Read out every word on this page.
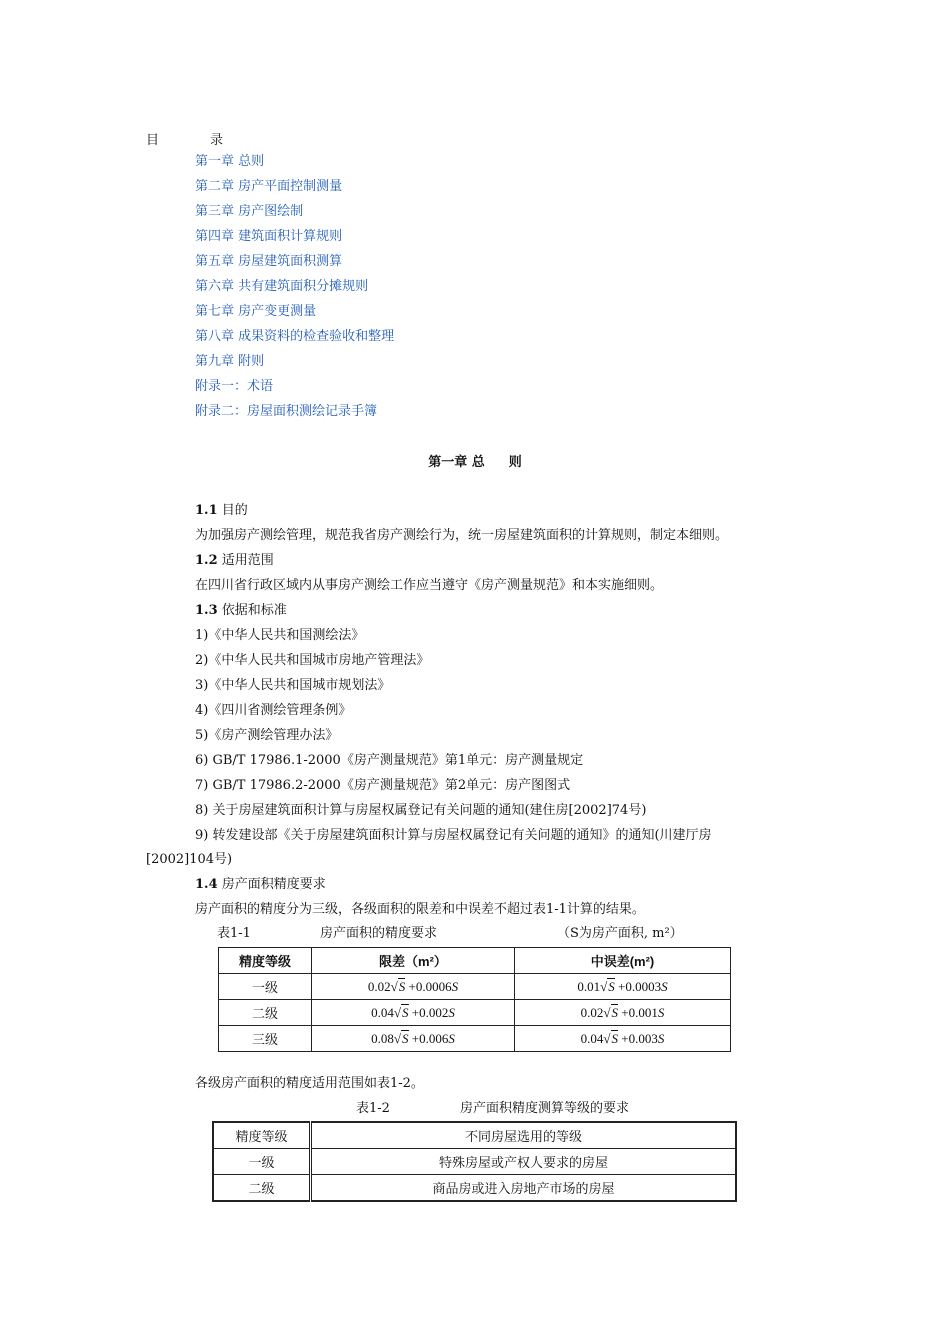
目	录
第一章 总则
第二章 房产平面控制测量
第三章 房产图绘制
第四章 建筑面积计算规则
第五章 房屋建筑面积测算
第六章 共有建筑面积分摊规则
第七章 房产变更测量
第八章 成果资料的检查验收和整理
第九章 附则
附录一：术语
附录二：房屋面积测绘记录手簿
第一章 总 则
1.1 目的
为加强房产测绘管理，规范我省房产测绘行为，统一房屋建筑面积的计算规则，制定本细则。
1.2 适用范围
在四川省行政区域内从事房产测绘工作应当遵守《房产测量规范》和本实施细则。
1.3 依据和标准
1)《中华人民共和国测绘法》
2)《中华人民共和国城市房地产管理法》
3)《中华人民共和国城市规划法》
4)《四川省测绘管理条例》
5)《房产测绘管理办法》
6) GB/T 17986.1-2000《房产测量规范》第1单元：房产测量规定
7) GB/T 17986.2-2000《房产测量规范》第2单元：房产图图式
8) 关于房屋建筑面积计算与房屋权属登记有关问题的通知(建住房[2002]74号)
9) 转发建设部《关于房屋建筑面积计算与房屋权属登记有关问题的通知》的通知(川建厅房
[2002]104号)
1.4 房产面积精度要求
房产面积的精度分为三级，各级面积的限差和中误差不超过表1-1计算的结果。
表1-1	房产面积的精度要求	（S为房产面积, m²）
精度等级	限差（m²）	中误差(m²)
一级	0.02√S +0.0006S	0.01√S +0.0003S
二级	0.04√S +0.002S	0.02√S +0.001S
三级	0.08√S +0.006S	0.04√S +0.003S
各级房产面积的精度适用范围如表1-2。
表1-2	房产面积精度测算等级的要求
精度等级	不同房屋选用的等级
一级	特殊房屋或产权人要求的房屋
二级	商品房或进入房地产市场的房屋
